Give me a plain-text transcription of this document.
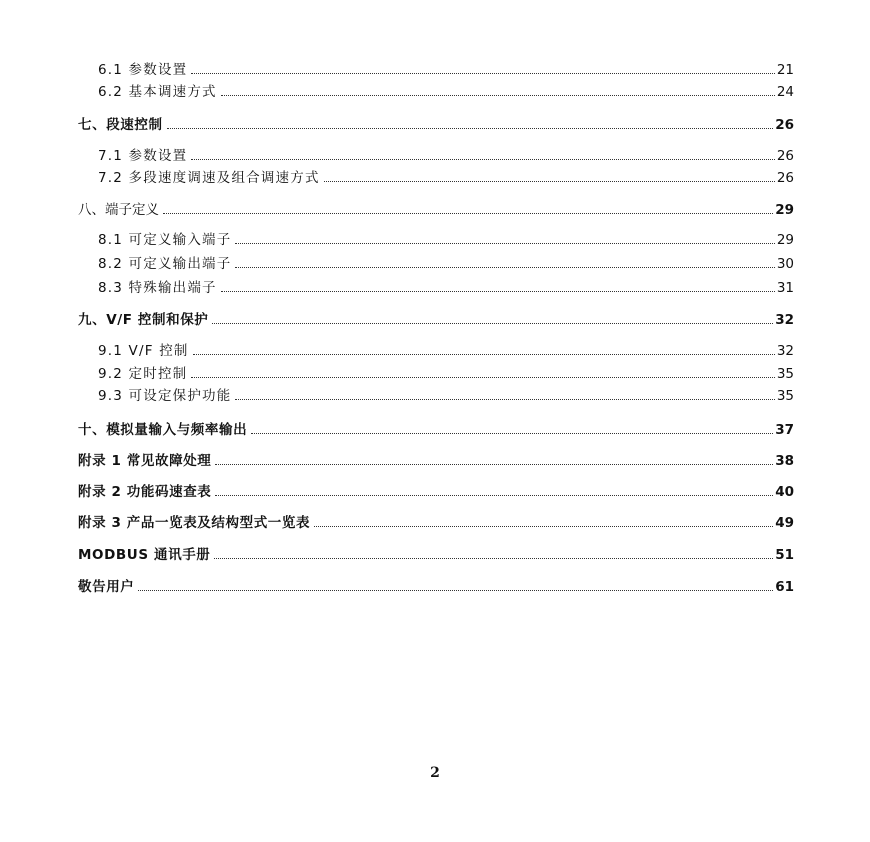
6.1 参数设置	21
6.2 基本调速方式	24
七、段速控制	26
7.1 参数设置	26
7.2 多段速度调速及组合调速方式	26
八、端子定义	29
8.1 可定义输入端子	29
8.2 可定义输出端子	30
8.3 特殊输出端子	31
九、V/F 控制和保护	32
9.1 V/F 控制	32
9.2 定时控制	35
9.3 可设定保护功能	35
十、模拟量输入与频率输出	37
附录 1 常见故障处理	38
附录 2 功能码速查表	40
附录 3 产品一览表及结构型式一览表	49
MODBUS 通讯手册	51
敬告用户	61
2
